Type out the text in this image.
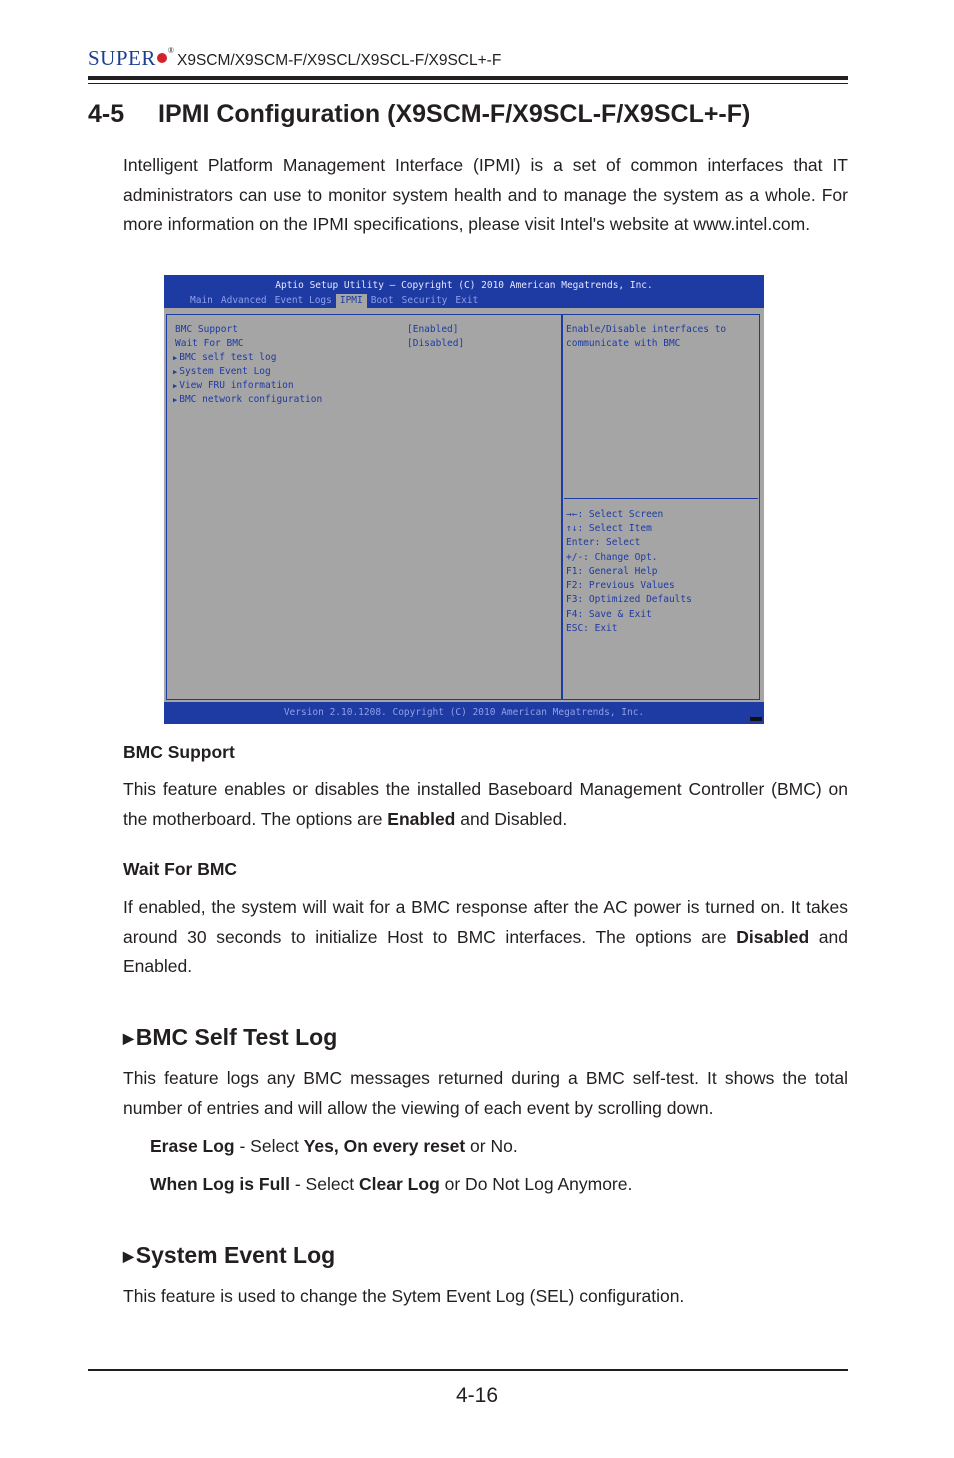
SUPER ®
X9SCM/X9SCM-F/X9SCL/X9SCL-F/X9SCL+-F
4-5 IPMI Configuration (X9SCM-F/X9SCL-F/X9SCL+-F)

Intelligent Platform Management Interface (IPMI) is a set of common interfaces that IT administrators can use to monitor system health and to manage the system as a whole. For more information on the IPMI specifications, please visit Intel's website at www.intel.com.

Aptio Setup Utility – Copyright (C) 2010 American Megatrends, Inc.
Main Advanced Event Logs IPMI Boot Security Exit
BMC Support	[Enabled]
Wait For BMC	[Disabled]
▶ BMC self test log
▶ System Event Log
▶ View FRU information
▶ BMC network configuration
Enable/Disable interfaces to
communicate with BMC
→←: Select Screen
↑↓: Select Item
Enter: Select
+/-: Change Opt.
F1: General Help
F2: Previous Values
F3: Optimized Defaults
F4: Save & Exit
ESC: Exit
Version 2.10.1208. Copyright (C) 2010 American Megatrends, Inc.
BMC Support

This feature enables or disables the installed Baseboard Management Controller (BMC) on the motherboard. The options are Enabled and Disabled.

Wait For BMC

If enabled, the system will wait for a BMC response after the AC power is turned on. It takes around 30 seconds to initialize Host to BMC interfaces. The options are Disabled and Enabled.

▶BMC Self Test Log

This feature logs any BMC messages returned during a BMC self-test. It shows the total number of entries and will allow the viewing of each event by scrolling down.

Erase Log - Select Yes, On every reset or No.
When Log is Full - Select Clear Log or Do Not Log Anymore.
▶System Event Log

This feature is used to change the Sytem Event Log (SEL) configuration.

4-16
